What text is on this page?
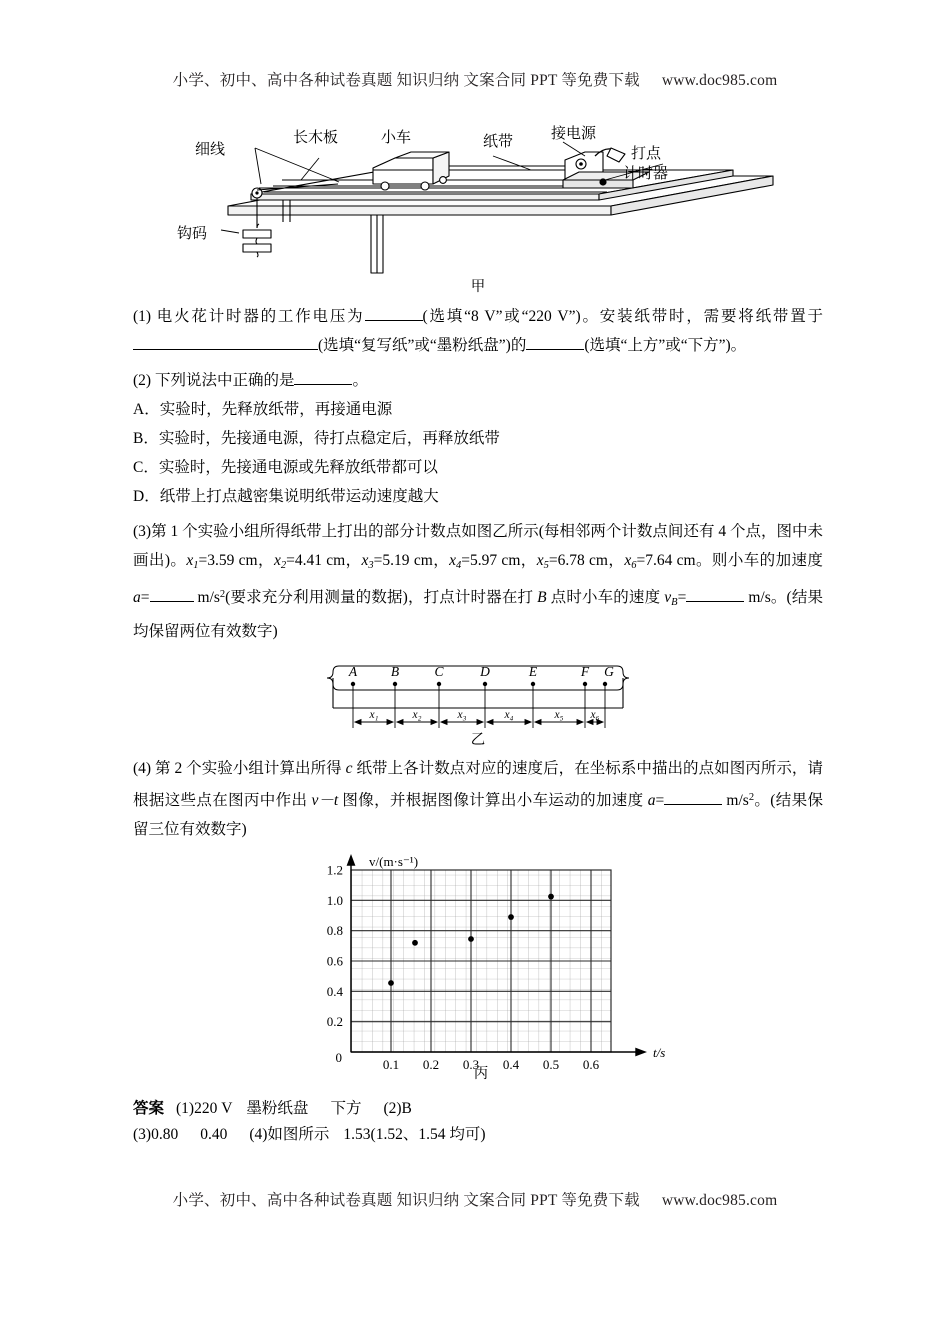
小学、初中、高中各种试卷真题 知识归纳 文案合同 PPT 等免费下载 www.doc985.com
细线
长木板	小车	纸带	接电源
打点
计时器
钩码
甲

(1) 电火花计时器的工作电压为	(选填“8 V”或“220 V”)。安装纸带时，需要将纸带置于(选填“复写纸”或“墨粉纸盘”)的	(选填“上方”或“下方”)。

(2) 下列说法中正确的是	。

A．实验时，先释放纸带，再接通电源

B．实验时，先接通电源，待打点稳定后，再释放纸带

C．实验时，先接通电源或先释放纸带都可以

D．纸带上打点越密集说明纸带运动速度越大

(3)第 1 个实验小组所得纸带上打出的部分计数点如图乙所示(每相邻两个计数点间还有 4 个点，图中未画出)。$x_1=3.59$ cm，$x_2=4.41$ cm，$x_3=5.19$ cm，$x_4=5.97$ cm，$x_5=6.78$ cm，$x_6=7.64$ cm。则小车的加速度 a=	$m/s^2$(要求充分利用测量的数据)，打点计时器在打 B 点时小车的速度 $v_B=$	m/s。(结果均保留两位有效数字)

A	B	C	D	E	F G
x₁	x₂	x₃	x₄	x₅ x₆
乙

(4) 第 2 个实验小组计算出所得 c 纸带上各计数点对应的速度后，在坐标系中描出的点如图丙所示，请根据这些点在图丙中作出 v－t 图像，并根据图像计算出小车运动的加速度 a=	$m/s^2$。(结果保留三位有效数字)

0.2
0.4
0.6
0.8
1.0
1.2
0.1 0.2 0.3 0.4 0.5 0.6
0
v/(m·s⁻¹)
t/s
丙
答案 (1)220 V 墨粉纸盘 下方 (2)B
(3)0.80 0.40 (4)如图所示 1.53(1.52、1.54 均可)
小学、初中、高中各种试卷真题 知识归纳 文案合同 PPT 等免费下载 www.doc985.com
